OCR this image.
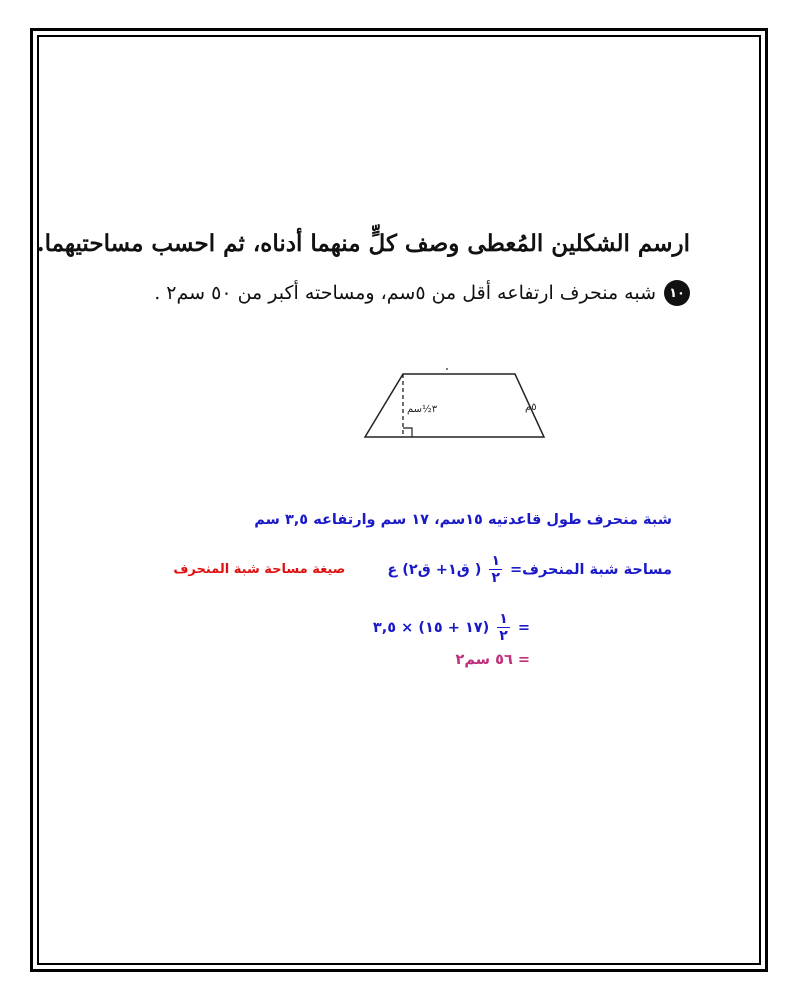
ارسم الشكلين المُعطى وصف كلٍّ منهما أدناه، ثم احسب مساحتيهما.
١٠
شبه منحرف ارتفاعه أقل من ٥سم، ومساحته أكبر من ٥٠ سم٢ .
٣½سم	٥م
شبة منحرف طول قاعدتيه ١٥سم، ١٧ سم وارتفاعه ٣,٥ سم
مساحة شبة المنحرف=
$\frac{١}{٢}$
( ق١+ ق٢) ع
صيغة مساحة شبة المنحرف
=
$\frac{١}{٢}$
(١٧ + ١٥) × ٣,٥
= ٥٦ سم٢
